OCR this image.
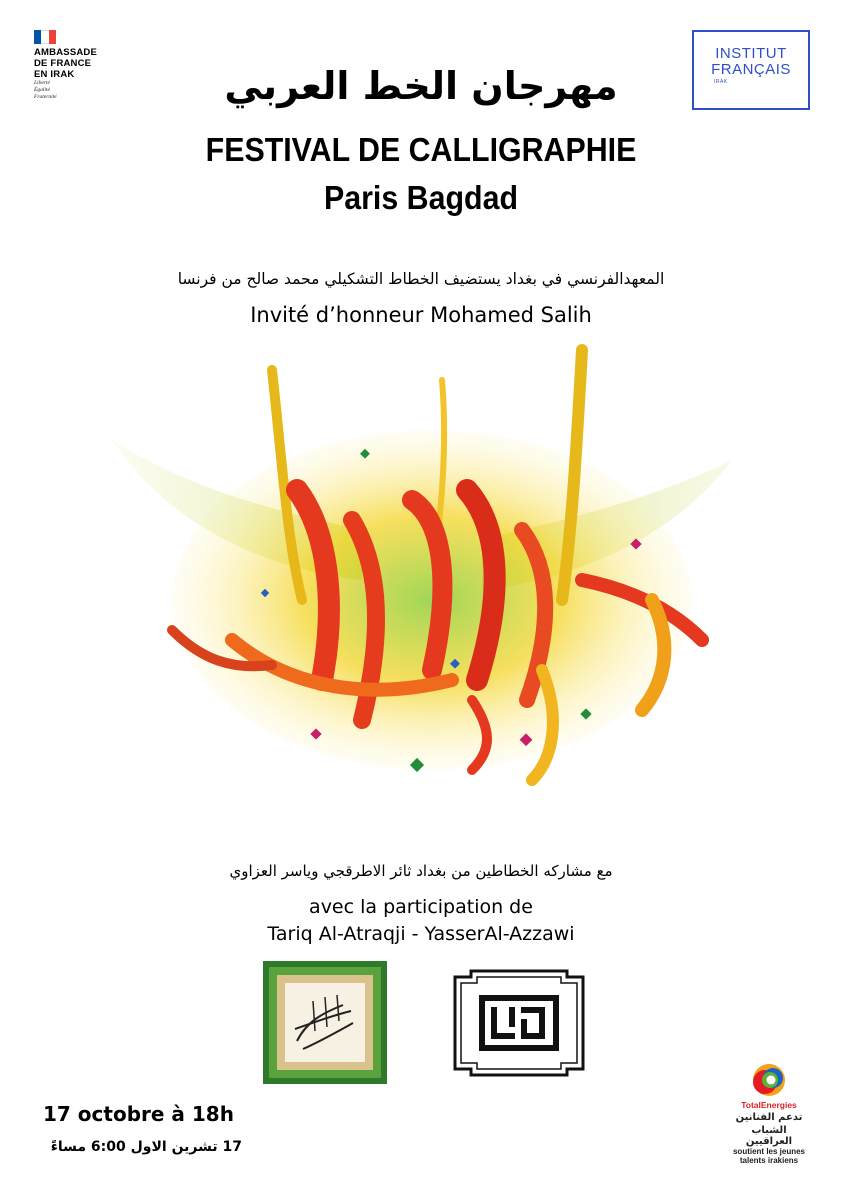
AMBASSADE
DE FRANCE
EN IRAK
Liberté
Égalité
Fraternité
INSTITUT
FRANÇAIS
IRAK
مهرجان الخط العربي
FESTIVAL DE CALLIGRAPHIE
Paris Bagdad
المعهدالفرنسي في بغداد يستضيف الخطاط التشكيلي محمد صالح من فرنسا
Invité d’honneur Mohamed Salih
مع مشاركه الخطاطين من بغداد ثائر الاطرقجي وياسر العزاوي
avec la participation de
Tariq Al-Atraqji - YasserAl-Azzawi
17 octobre à 18h
17 تشرين الاول 6:00 مساءً
TotalEnergies
تدعم الفنانين
الشباب العراقيين
soutient les jeunes
talents irakiens
